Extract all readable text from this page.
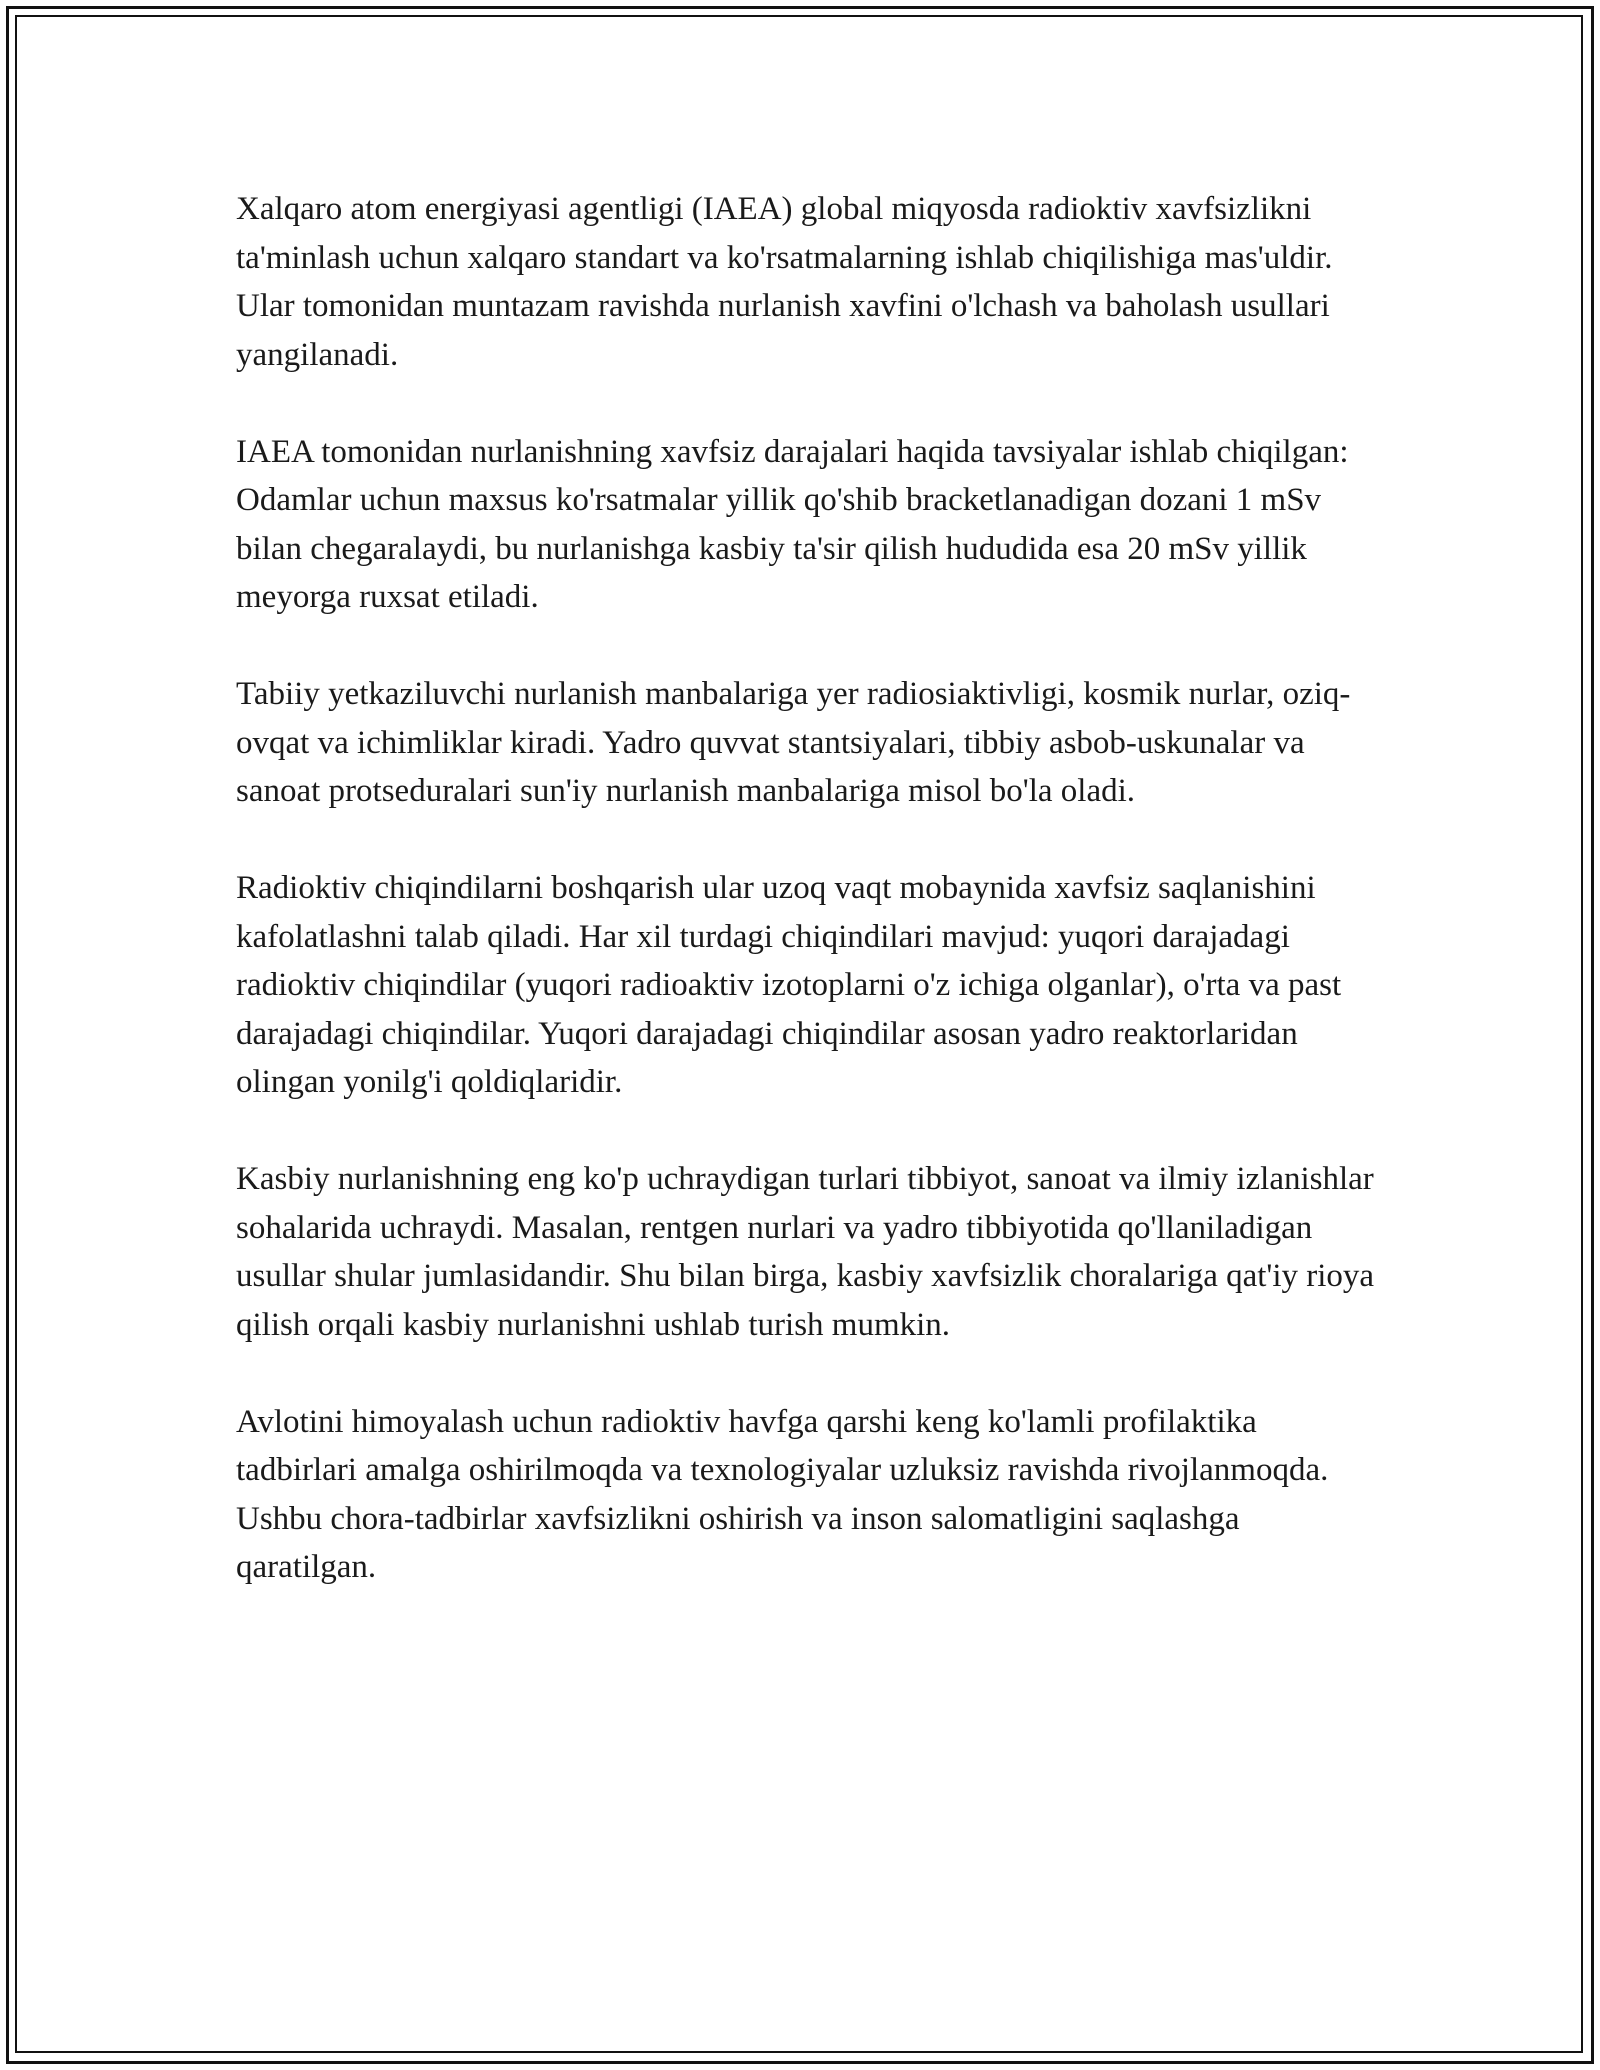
Xalqaro atom energiyasi agentligi (IAEA) global miqyosda radioktiv xavfsizlikni ta'minlash uchun xalqaro standart va ko'rsatmalarning ishlab chiqilishiga mas'uldir. Ular tomonidan muntazam ravishda nurlanish xavfini o'lchash va baholash usullari yangilanadi.

IAEA tomonidan nurlanishning xavfsiz darajalari haqida tavsiyalar ishlab chiqilgan: Odamlar uchun maxsus ko'rsatmalar yillik qo'shib bracketlanadigan dozani 1 mSv bilan chegaralaydi, bu nurlanishga kasbiy ta'sir qilish hududida esa 20 mSv yillik meyorga ruxsat etiladi.

Tabiiy yetkaziluvchi nurlanish manbalariga yer radiosiaktivligi, kosmik nurlar, oziq-ovqat va ichimliklar kiradi. Yadro quvvat stantsiyalari, tibbiy asbob-uskunalar va sanoat protseduralari sun'iy nurlanish manbalariga misol bo'la oladi.

Radioktiv chiqindilarni boshqarish ular uzoq vaqt mobaynida xavfsiz saqlanishini kafolatlashni talab qiladi. Har xil turdagi chiqindilari mavjud: yuqori darajadagi radioktiv chiqindilar (yuqori radioaktiv izotoplarni o'z ichiga olganlar), o'rta va past darajadagi chiqindilar. Yuqori darajadagi chiqindilar asosan yadro reaktorlaridan olingan yonilg'i qoldiqlaridir.

Kasbiy nurlanishning eng ko'p uchraydigan turlari tibbiyot, sanoat va ilmiy izlanishlar sohalarida uchraydi. Masalan, rentgen nurlari va yadro tibbiyotida qo'llaniladigan usullar shular jumlasidandir. Shu bilan birga, kasbiy xavfsizlik choralariga qat'iy rioya qilish orqali kasbiy nurlanishni ushlab turish mumkin.

Avlotini himoyalash uchun radioktiv havfga qarshi keng ko'lamli profilaktika tadbirlari amalga oshirilmoqda va texnologiyalar uzluksiz ravishda rivojlanmoqda. Ushbu chora-tadbirlar xavfsizlikni oshirish va inson salomatligini saqlashga qaratilgan.
